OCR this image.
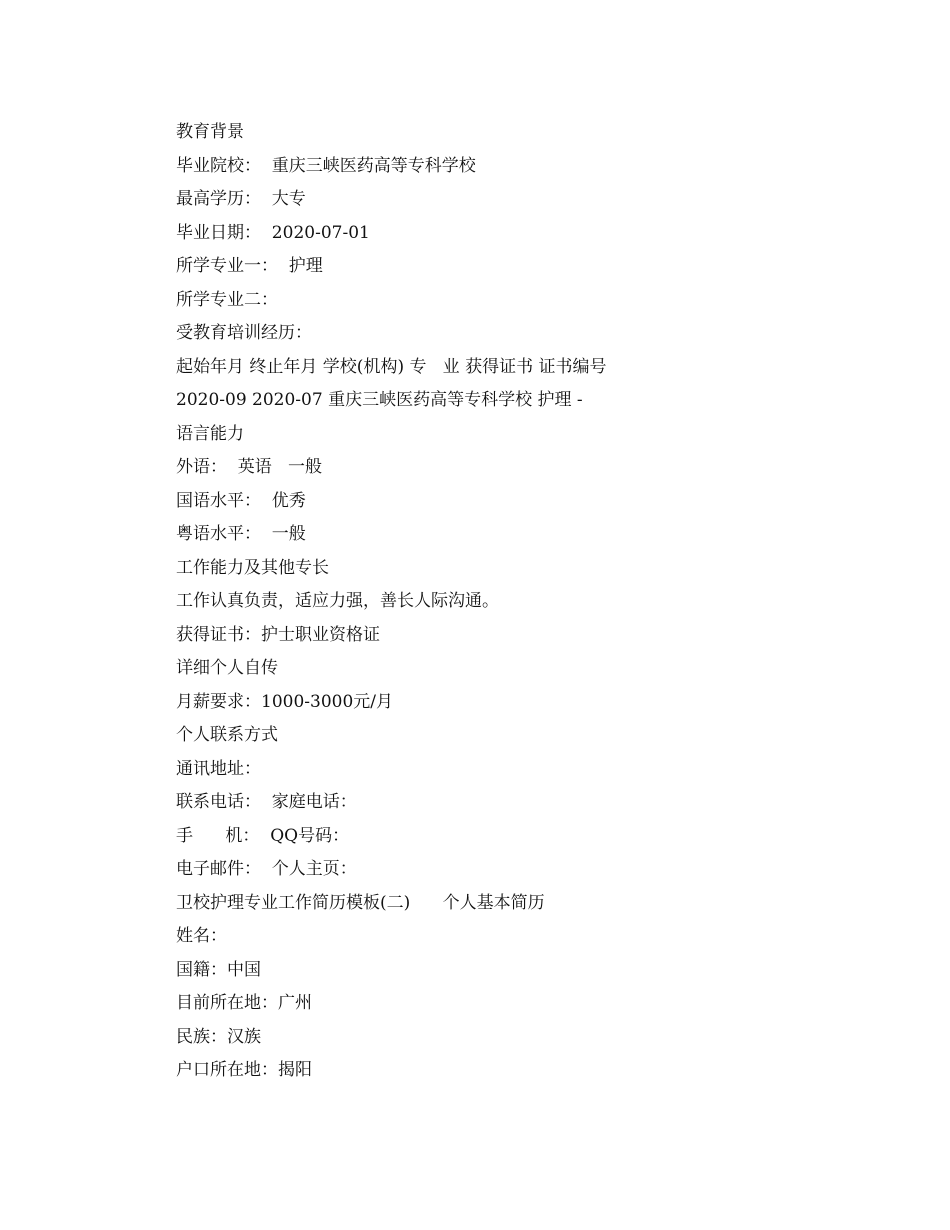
教育背景
毕业院校：  重庆三峡医药高等专科学校
最高学历：  大专
毕业日期：  2020-07-01
所学专业一：  护理
所学专业二：
受教育培训经历：
起始年月 终止年月 学校(机构) 专   业 获得证书 证书编号
2020-09 2020-07 重庆三峡医药高等专科学校 护理 -
语言能力
外语：  英语   一般
国语水平：  优秀
粤语水平：  一般
工作能力及其他专长
工作认真负责，适应力强，善长人际沟通。
获得证书：护士职业资格证
详细个人自传
月薪要求：1000-3000元/月
个人联系方式
通讯地址：
联系电话：  家庭电话：
手      机：  QQ号码：
电子邮件：  个人主页：
卫校护理专业工作简历模板(二)      个人基本简历
姓名：
国籍：中国
目前所在地：广州
民族：汉族
户口所在地：揭阳
